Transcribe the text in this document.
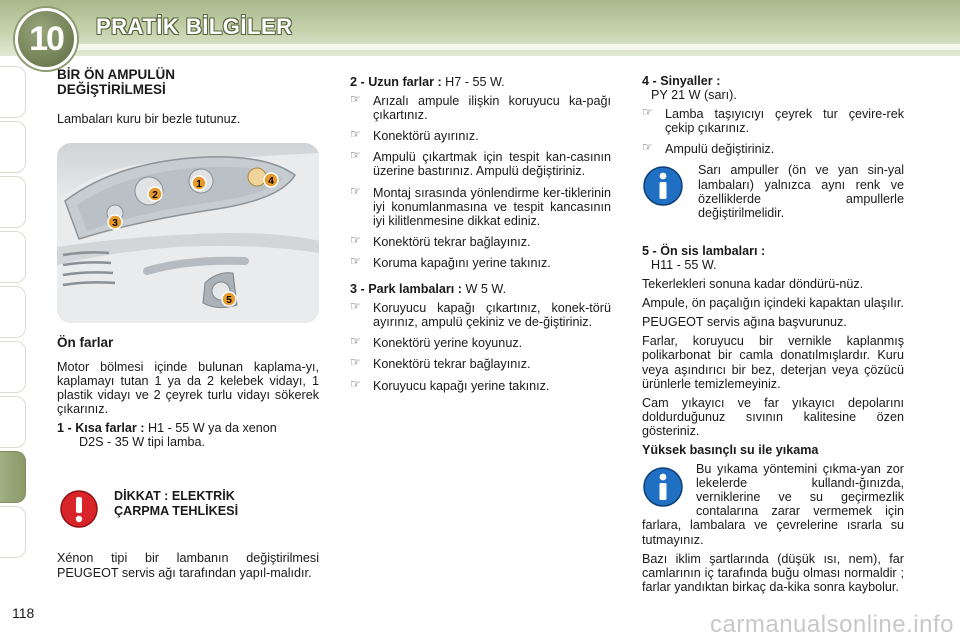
10 PRATİK BİLGİLER
BİR ÖN AMPULÜN DEĞİŞTİRİLMESİ

Lambaları kuru bir bezle tutunuz.

1
2
3
4
5
Ön farlar

Motor bölmesi içinde bulunan kaplama-yı, kaplamayı tutan 1 ya da 2 kelebek vidayı, 1 plastik vidayı ve 2 çeyrek turlu vidayı sökerek çıkarınız.

1 - Kısa farlar : H1 - 55 W ya da xenon
D2S - 35 W tipi lamba.

DİKKAT : ELEKTRİK ÇARPMA TEHLİKESİ

Xénon tipi bir lambanın değiştirilmesi PEUGEOT servis ağı tarafından yapıl-malıdır.

2 - Uzun farlar : H7 - 55 W.

☞ Arızalı ampule ilişkin koruyucu ka-pağı çıkartınız.
☞ Konektörü ayırınız.
☞ Ampulü çıkartmak için tespit kan-casının üzerine bastırınız. Ampulü değiştiriniz.
☞ Montaj sırasında yönlendirme ker-tiklerinin iyi konumlanmasına ve tespit kancasının iyi kilitlenmesine dikkat ediniz.
☞ Konektörü tekrar bağlayınız.
☞ Koruma kapağını yerine takınız.

3 - Park lambaları : W 5 W.

☞ Koruyucu kapağı çıkartınız, konek-törü ayırınız, ampulü çekiniz ve de-ğiştiriniz.
☞ Konektörü yerine koyunuz.
☞ Konektörü tekrar bağlayınız.
☞ Koruyucu kapağı yerine takınız.

4 - Sinyaller :
PY 21 W (sarı).

☞ Lamba taşıyıcıyı çeyrek tur çevire-rek çekip çıkarınız.
☞ Ampulü değiştiriniz.

Sarı ampuller (ön ve yan sin-yal lambaları) yalnızca aynı renk ve özelliklerde ampullerle değiştirilmelidir.

5 - Ön sis lambaları :
H11 - 55 W.

Tekerlekleri sonuna kadar döndürü-nüz.

Ampule, ön paçalığın içindeki kapaktan ulaşılır.

PEUGEOT servis ağına başvurunuz.

Farlar, koruyucu bir vernikle kaplanmış polikarbonat bir camla donatılmışlardır. Kuru veya aşındırıcı bir bez, deterjan veya çözücü ürünlerle temizlemeyiniz.

Cam yıkayıcı ve far yıkayıcı depolarını doldurduğunuz sıvının kalitesine özen gösteriniz.

Yüksek basınçlı su ile yıkama

Bu yıkama yöntemini çıkma-yan zor lekelerde kullandı-ğınızda, verniklerine ve su geçirmezlik contalarına zarar vermemek için farlara, lambalara ve çevrelerine ısrarla su tutmayınız.

Bazı iklim şartlarında (düşük ısı, nem), far camlarının iç tarafında buğu olması normaldir ; farlar yandıktan birkaç da-kika sonra kaybolur.

118	carmanualsonline.info
